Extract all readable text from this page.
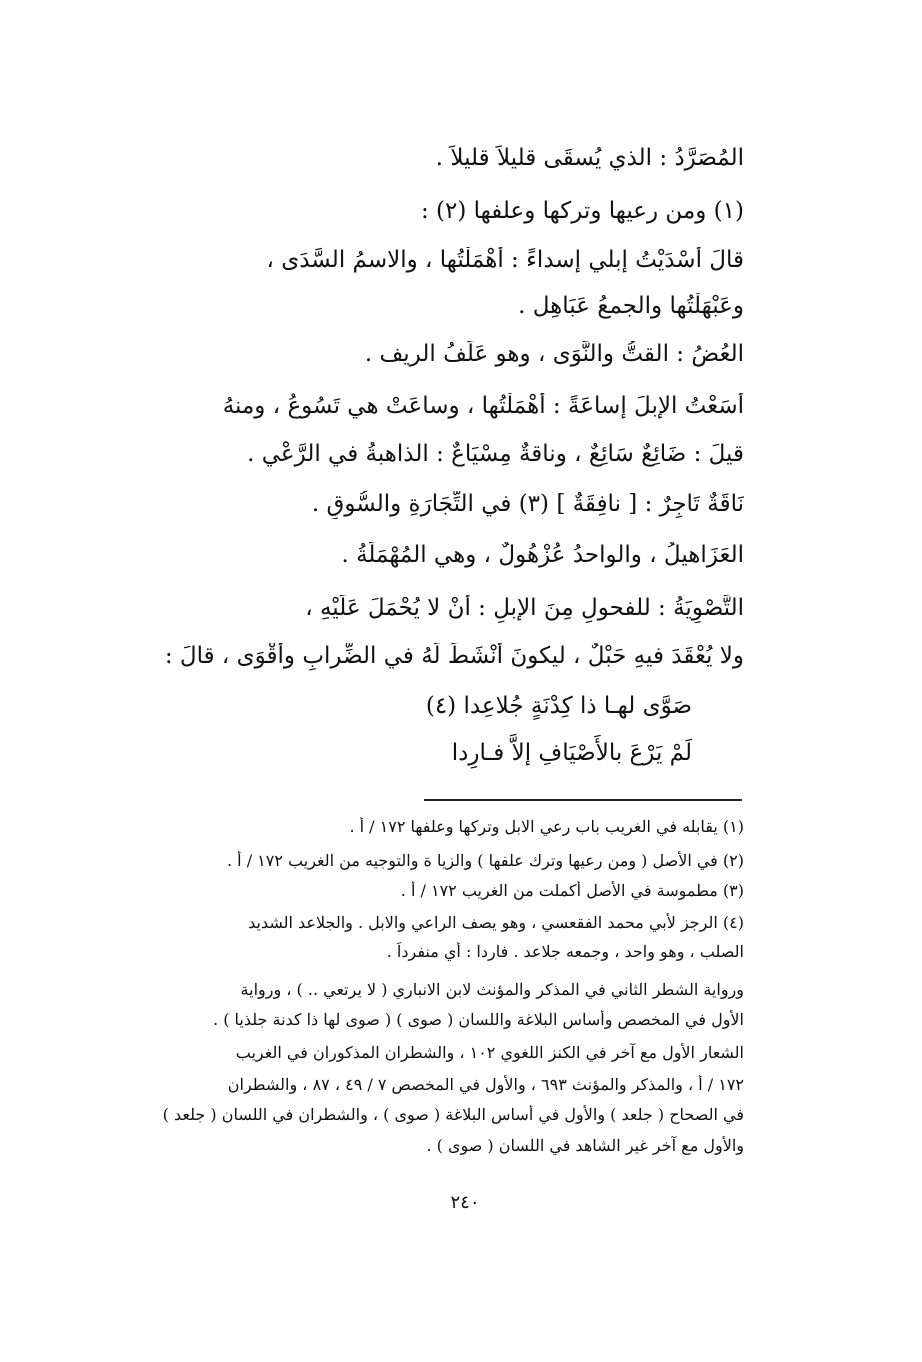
المُصَرَّدُ : الذي يُسقَى قليلاً قليلاً .
(١) ومن رعيها وتركها وعلفها (٢) :
قالَ أَسْدَيْتُ إبلي إسداءً : أَهْمَلْتُها ، والاسمُ السَّدَى ،
وعَبْهَلْتُها والجمعُ عَبَاهِل .
العُضُ : القتُّ والنَّوَى ، وهو عَلَفُ الريف .
أَسَعْتُ الإبلَ إساعَةً : أَهْمَلْتُها ، وساعَتْ هي تَسُوعُ ، ومنهُ
قيلَ : ضَائِعٌ سَائِعٌ ، وناقةٌ مِسْيَاعٌ : الذاهبةُ في الرَّعْي .
نَاقَةٌ تَاجِرٌ : [ نافِقَةٌ ] (٣) في التِّجَارَةِ والسُّوقِ .
العَزَاهيلُ ، والواحدُ عُزْهُولٌ ، وهي المُهْمَلَةُ .
التَّصْوِيَةُ : للفحولِ مِنَ الإبلِ : أَنْ لا يُحْمَلَ عَلَيْهِ ،
ولا يُعْقَدَ فيهِ حَبْلٌ ، ليكونَ أَنْشَطَ لَهُ في الضِّرابِ وأَقْوَى ، قالَ :
صَوَّى لهـا ذا كِدْنَةٍ جُلاعِدا (٤)
لَمْ يَرْعَ بالأَصْيَافِ إلاَّ فـارِدا
(١) يقابله في الغريب باب رعي الابل وتركها وعلفها ١٧٢ / أ .
(٢) في الأصل ( ومن رعيها وترك علفها ) والزيا ة والتوجيه من الغريب ١٧٢ / أ .
(٣) مطموسة في الأصل أكملت من الغريب ١٧٢ / أ .
(٤) الرجز لأبي محمد الفقعسي ، وهو يصف الراعي والابل . والجلاعد الشديد
الصلب ، وهو واحد ، وجمعه جلاعد . فاردا : أي منفرداً .
ورواية الشطر الثاني في المذكر والمؤنث لابن الانباري ( لا يرتعي .. ) ، ورواية
الأول في المخصص وأساس البلاغة واللسان ( صوى ) ( صوى لها ذا كدنة جلذيا ) .
الشعار الأول مع آخر في الكنز اللغوي ١٠٢ ، والشطران المذكوران في الغريب
١٧٢ / أ ، والمذكر والمؤنث ٦٩٣ ، والأول في المخصص ٧ / ٤٩ ، ٨٧ ، والشطران
في الصحاح ( جلعد ) والأول في أساس البلاغة ( صوى ) ، والشطران في اللسان ( جلعد )
والأول مع آخر غير الشاهد في اللسان ( صوى ) .
٢٤٠
